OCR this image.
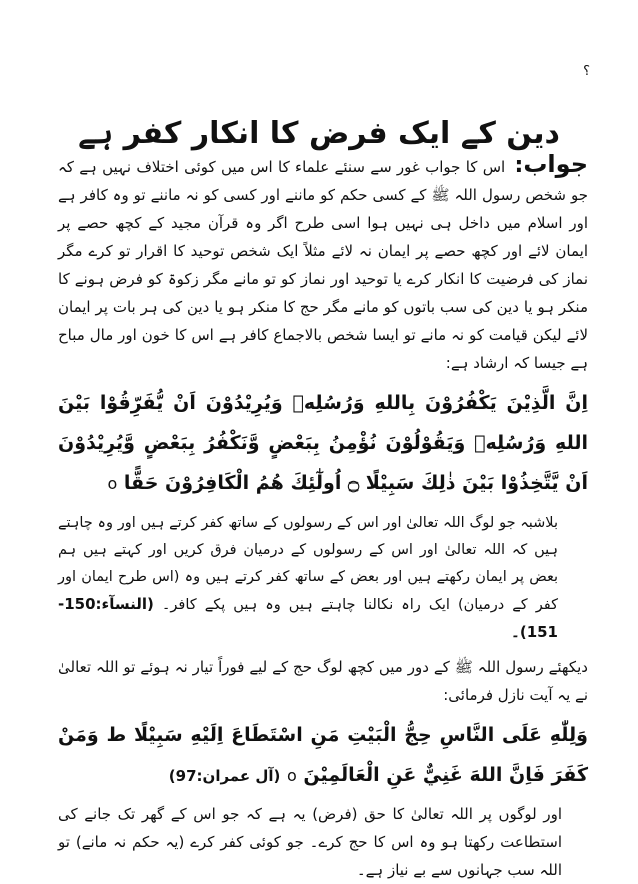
؟
دین کے ایک فرض کا انکار کفر ہے

جواب: اس کا جواب غور سے سنئے علماء کا اس میں کوئی اختلاف نہیں ہے کہ جو شخص رسول اللہ ﷺ کے کسی حکم کو ماننے اور کسی کو نہ ماننے تو وہ کافر ہے اور اسلام میں داخل ہی نہیں ہوا اسی طرح اگر وہ قرآن مجید کے کچھ حصے پر ایمان لائے اور کچھ حصے پر ایمان نہ لائے مثلاً ایک شخص توحید کا اقرار تو کرے مگر نماز کی فرضیت کا انکار کرے یا توحید اور نماز کو تو مانے مگر زکوۃ کو فرض ہونے کا منکر ہو یا دین کی سب باتوں کو مانے مگر حج کا منکر ہو یا دین کی ہر بات پر ایمان لائے لیکن قیامت کو نہ مانے تو ایسا شخص بالاجماع کافر ہے اس کا خون اور مال مباح ہے جیسا کہ ارشاد ہے:

اِنَّ الَّذِيْنَ يَكْفُرُوْنَ بِاللهِ وَرُسُلِهٖ وَيُرِيْدُوْنَ اَنْ يُّفَرِّقُوْا بَيْنَ اللهِ وَرُسُلِهٖ وَيَقُوْلُوْنَ نُؤْمِنُ بِبَعْضٍ وَّنَكْفُرُ بِبَعْضٍ وَّيُرِيْدُوْنَ اَنْ يَّتَّخِذُوْا بَيْنَ ذٰلِكَ سَبِيْلًا ۝ اُولٰٓئِكَ هُمُ الْكَافِرُوْنَ حَقًّا o

بلاشبہ جو لوگ اللہ تعالیٰ اور اس کے رسولوں کے ساتھ کفر کرتے ہیں اور وہ چاہتے ہیں کہ اللہ تعالیٰ اور اس کے رسولوں کے درمیان فرق کریں اور کہتے ہیں ہم بعض پر ایمان رکھتے ہیں اور بعض کے ساتھ کفر کرتے ہیں وہ (اس طرح ایمان اور کفر کے درمیان) ایک راہ نکالنا چاہتے ہیں وہ ہیں پکے کافر۔ (النسآء:150-151)۔

دیکھئے رسول اللہ ﷺ کے دور میں کچھ لوگ حج کے لیے فوراً تیار نہ ہوئے تو اللہ تعالیٰ نے یہ آیت نازل فرمائی:

وَلِلّٰهِ عَلَى النَّاسِ حِجُّ الْبَيْتِ مَنِ اسْتَطَاعَ اِلَيْهِ سَبِيْلًا ط وَمَنْ كَفَرَ فَاِنَّ اللهَ غَنِيٌّ عَنِ الْعَالَمِيْنَ o (آل عمران:97)

اور لوگوں پر اللہ تعالیٰ کا حق (فرض) یہ ہے کہ جو اس کے گھر تک جانے کی استطاعت رکھتا ہو وہ اس کا حج کرے۔ جو کوئی کفر کرے (یہ حکم نہ مانے) تو اللہ سب جہانوں سے بے نیاز ہے۔
